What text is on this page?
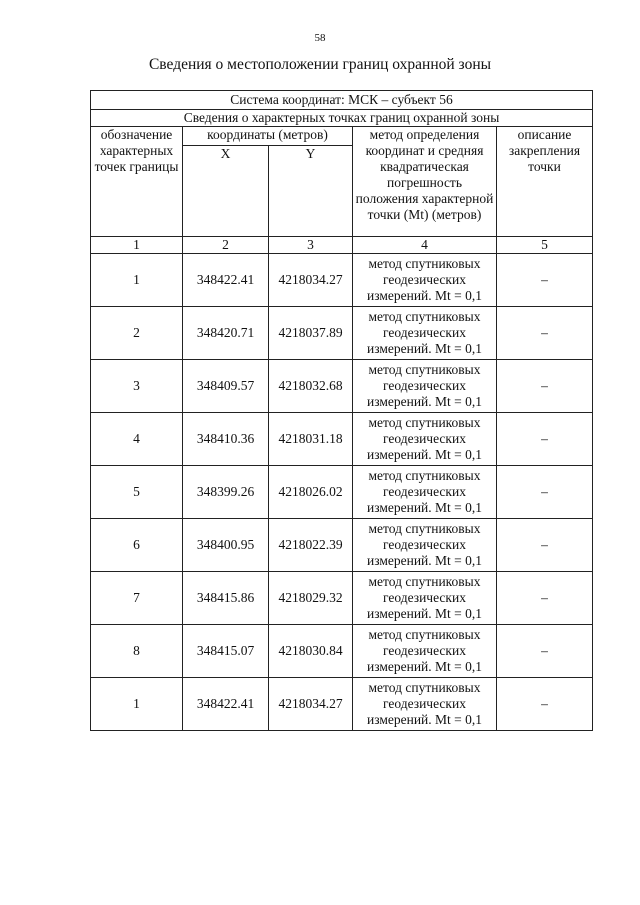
58
Сведения о местоположении границ охранной зоны
Система координат: МСК – субъект 56				
Сведения о характерных точках границ охранной зоны				
обозначение характерных точек границы	координаты (метров)		метод определения координат и средняя квадратическая погрешность положения характерной точки (Mt) (метров)	описание закрепления точки
	X	Y		
1	2	3	4	5
1	348422.41	4218034.27	метод спутниковых геодезических измерений. Mt = 0,1	–
2	348420.71	4218037.89	метод спутниковых геодезических измерений. Mt = 0,1	–
3	348409.57	4218032.68	метод спутниковых геодезических измерений. Mt = 0,1	–
4	348410.36	4218031.18	метод спутниковых геодезических измерений. Mt = 0,1	–
5	348399.26	4218026.02	метод спутниковых геодезических измерений. Mt = 0,1	–
6	348400.95	4218022.39	метод спутниковых геодезических измерений. Mt = 0,1	–
7	348415.86	4218029.32	метод спутниковых геодезических измерений. Mt = 0,1	–
8	348415.07	4218030.84	метод спутниковых геодезических измерений. Mt = 0,1	–
1	348422.41	4218034.27	метод спутниковых геодезических измерений. Mt = 0,1	–
